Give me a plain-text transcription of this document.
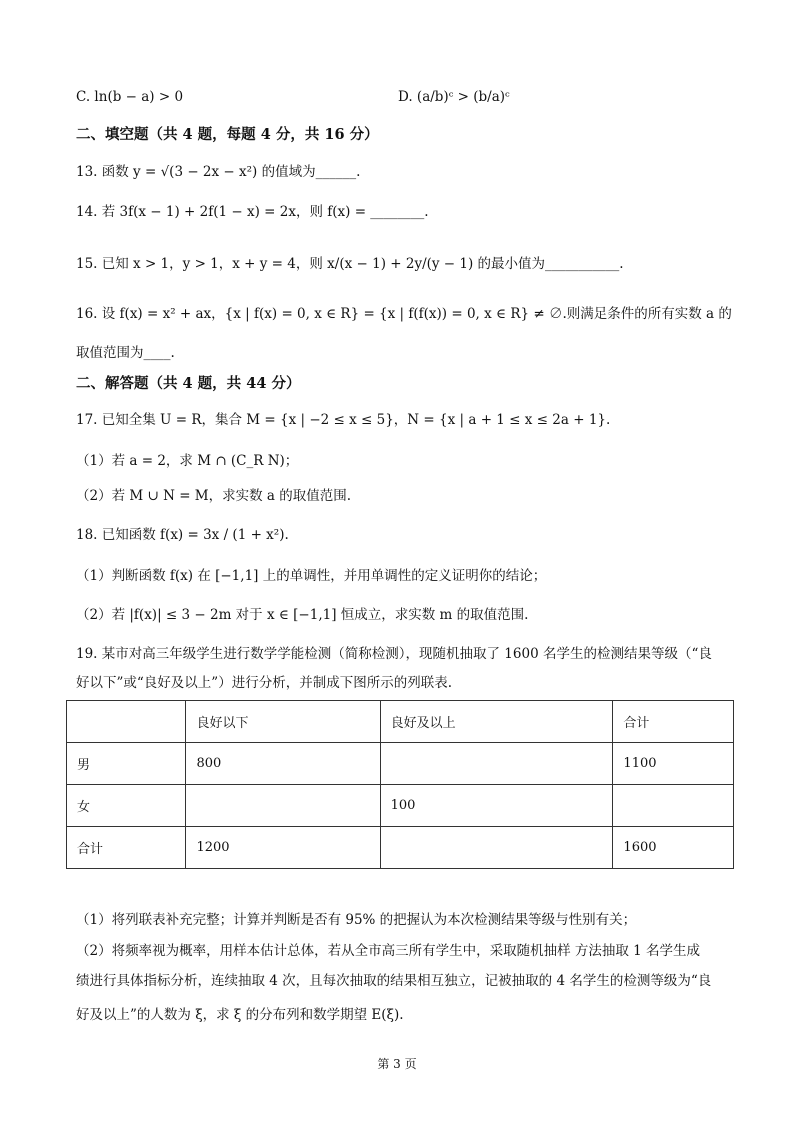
C. ln(b − a) > 0	D. (a/b)ᶜ > (b/a)ᶜ
二、填空题（共 4 题，每题 4 分，共 16 分）
13. 函数 y = √(3 − 2x − x²) 的值域为______.
14. 若 3f(x − 1) + 2f(1 − x) = 2x，则 f(x) = ________.
15. 已知 x > 1，y > 1，x + y = 4，则 x/(x − 1) + 2y/(y − 1) 的最小值为___________.
16. 设 f(x) = x² + ax，{x | f(x) = 0, x ∈ R} = {x | f(f(x)) = 0, x ∈ R} ≠ ∅.则满足条件的所有实数 a 的
取值范围为____.
二、解答题（共 4 题，共 44 分）
17. 已知全集 U = R，集合 M = {x | −2 ≤ x ≤ 5}，N = {x | a + 1 ≤ x ≤ 2a + 1}.
（1）若 a = 2，求 M ∩ (C_R N)；
（2）若 M ∪ N = M，求实数 a 的取值范围.
18. 已知函数 f(x) = 3x / (1 + x²).
（1）判断函数 f(x) 在 [−1,1] 上的单调性，并用单调性的定义证明你的结论；
（2）若 |f(x)| ≤ 3 − 2m 对于 x ∈ [−1,1] 恒成立，求实数 m 的取值范围.
19. 某市对高三年级学生进行数学学能检测（简称检测），现随机抽取了 1600 名学生的检测结果等级（“良
好以下”或“良好及以上”）进行分析，并制成下图所示的列联表.
	良好以下	良好及以上	合计
男	800		1100
女		100	
合计	1200		1600
（1）将列联表补充完整；计算并判断是否有 95% 的把握认为本次检测结果等级与性别有关；
（2）将频率视为概率，用样本估计总体，若从全市高三所有学生中，采取随机抽样 方法抽取 1 名学生成
绩进行具体指标分析，连续抽取 4 次，且每次抽取的结果相互独立，记被抽取的 4 名学生的检测等级为“良
好及以上”的人数为 ξ，求 ξ 的分布列和数学期望 E(ξ).
第 3 页
